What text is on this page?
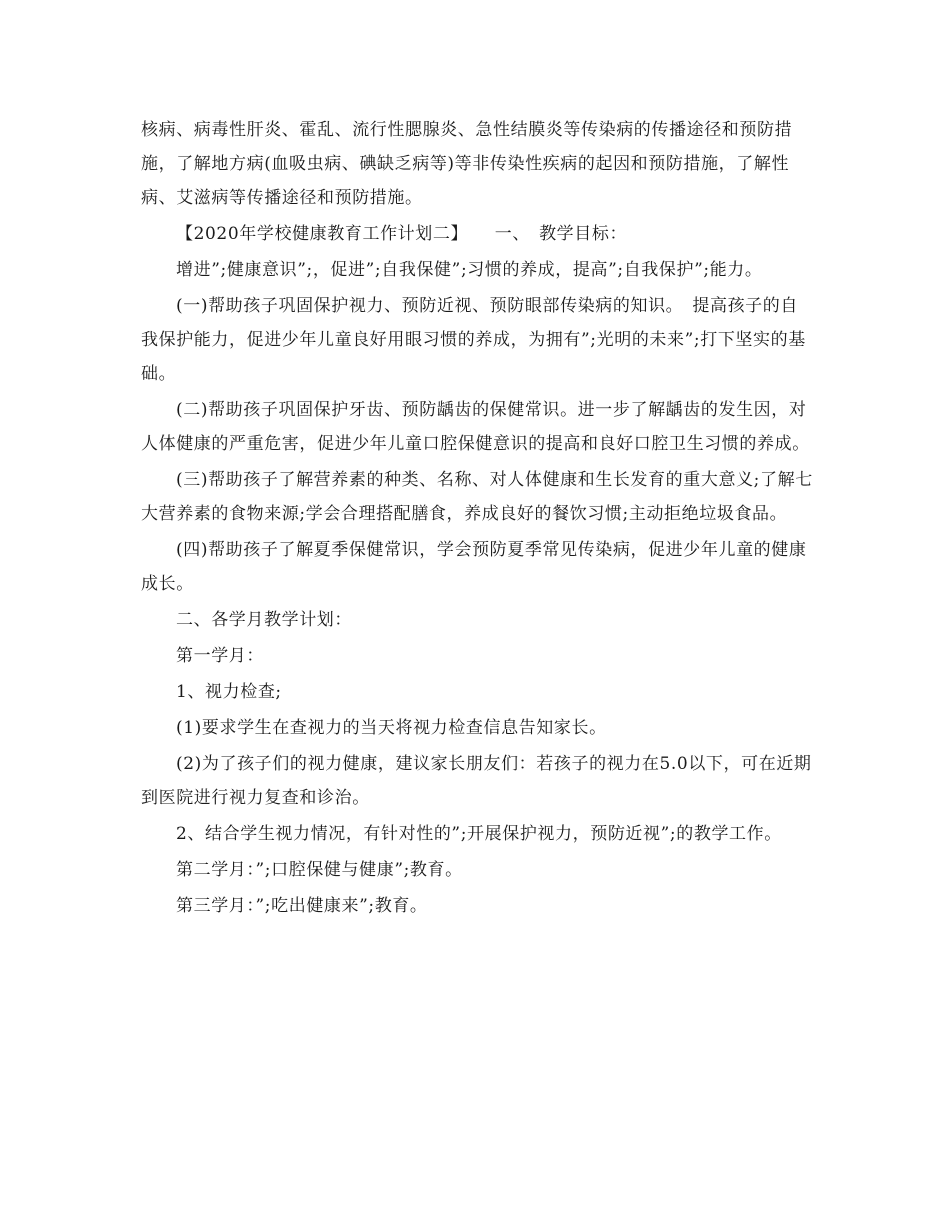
核病、病毒性肝炎、霍乱、流行性腮腺炎、急性结膜炎等传染病的传播途径和预防措施，了解地方病(血吸虫病、碘缺乏病等)等非传染性疾病的起因和预防措施，了解性病、艾滋病等传播途径和预防措施。

【2020年学校健康教育工作计划二】　　一、　教学目标：

增进”;健康意识”;，促进”;自我保健”;习惯的养成，提高”;自我保护”;能力。

(一)帮助孩子巩固保护视力、预防近视、预防眼部传染病的知识。　提高孩子的自我保护能力，促进少年儿童良好用眼习惯的养成，为拥有”;光明的未来”;打下坚实的基础。

(二)帮助孩子巩固保护牙齿、预防龋齿的保健常识。进一步了解龋齿的发生因，对人体健康的严重危害，促进少年儿童口腔保健意识的提高和良好口腔卫生习惯的养成。

(三)帮助孩子了解营养素的种类、名称、对人体健康和生长发育的重大意义;了解七大营养素的食物来源;学会合理搭配膳食，养成良好的餐饮习惯;主动拒绝垃圾食品。

(四)帮助孩子了解夏季保健常识，学会预防夏季常见传染病，促进少年儿童的健康成长。

二、各学月教学计划：

第一学月：

1、视力检查;

(1)要求学生在查视力的当天将视力检查信息告知家长。

(2)为了孩子们的视力健康，建议家长朋友们：若孩子的视力在5.0以下，可在近期到医院进行视力复查和诊治。

2、结合学生视力情况，有针对性的”;开展保护视力，预防近视”;的教学工作。

第二学月：”;口腔保健与健康”;教育。

第三学月：”;吃出健康来”;教育。
